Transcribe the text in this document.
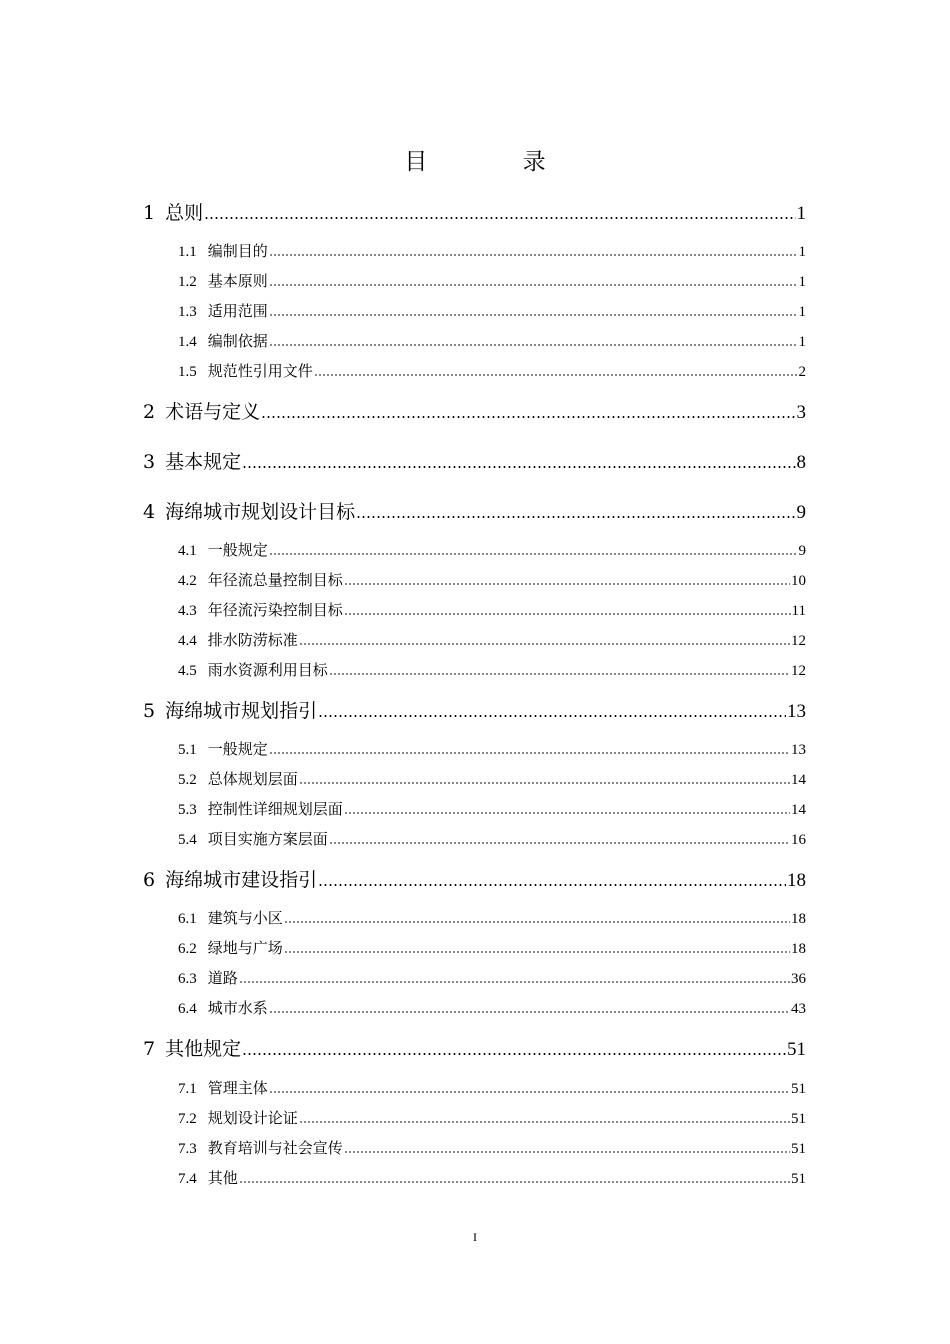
目 录
1 总则	1
1.1 编制目的	1
1.2 基本原则	1
1.3 适用范围	1
1.4 编制依据	1
1.5 规范性引用文件	2
2 术语与定义	3
3 基本规定	8
4 海绵城市规划设计目标	9
4.1 一般规定	9
4.2 年径流总量控制目标	10
4.3 年径流污染控制目标	11
4.4 排水防涝标准	12
4.5 雨水资源利用目标	12
5 海绵城市规划指引	13
5.1 一般规定	13
5.2 总体规划层面	14
5.3 控制性详细规划层面	14
5.4 项目实施方案层面	16
6 海绵城市建设指引	18
6.1 建筑与小区	18
6.2 绿地与广场	18
6.3 道路	36
6.4 城市水系	43
7 其他规定	51
7.1 管理主体	51
7.2 规划设计论证	51
7.3 教育培训与社会宣传	51
7.4 其他	51
I
